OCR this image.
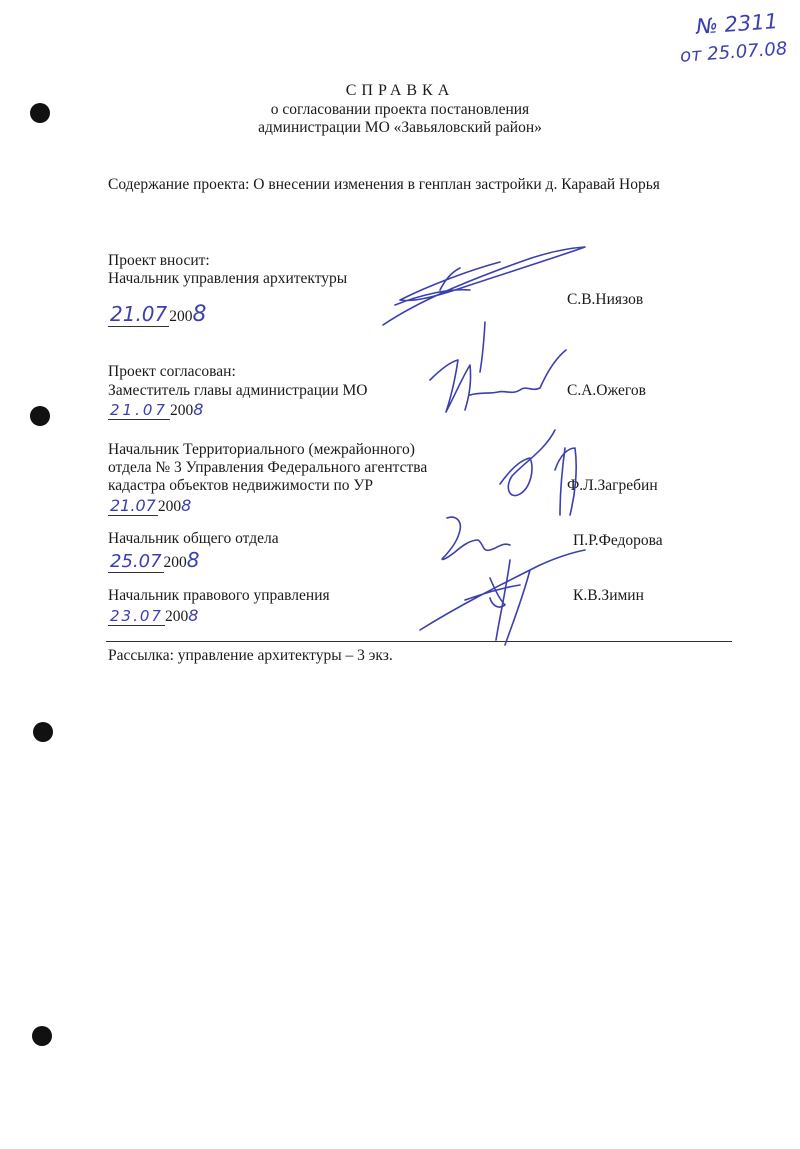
№ 2311
от 25.07.08
СПРАВКА
о согласовании проекта постановления
администрации МО «Завьяловский район»
Содержание проекта: О внесении изменения в генплан застройки д. Каравай Норья
Проект вносит:
Начальник управления архитектуры
С.В.Ниязов
21.07 2008
Проект согласован:
Заместитель главы администрации МО	С.А.Ожегов
21.07 2008
Начальник Территориального (межрайонного)
отдела № 3 Управления Федерального агентства
кадастра объектов недвижимости по УР	Ф.Л.Загребин
21.07 2008
Начальник общего отдела	П.Р.Федорова
25.07 2008
Начальник правового управления	К.В.Зимин
23.07 2008
Рассылка: управление архитектуры – 3 экз.
